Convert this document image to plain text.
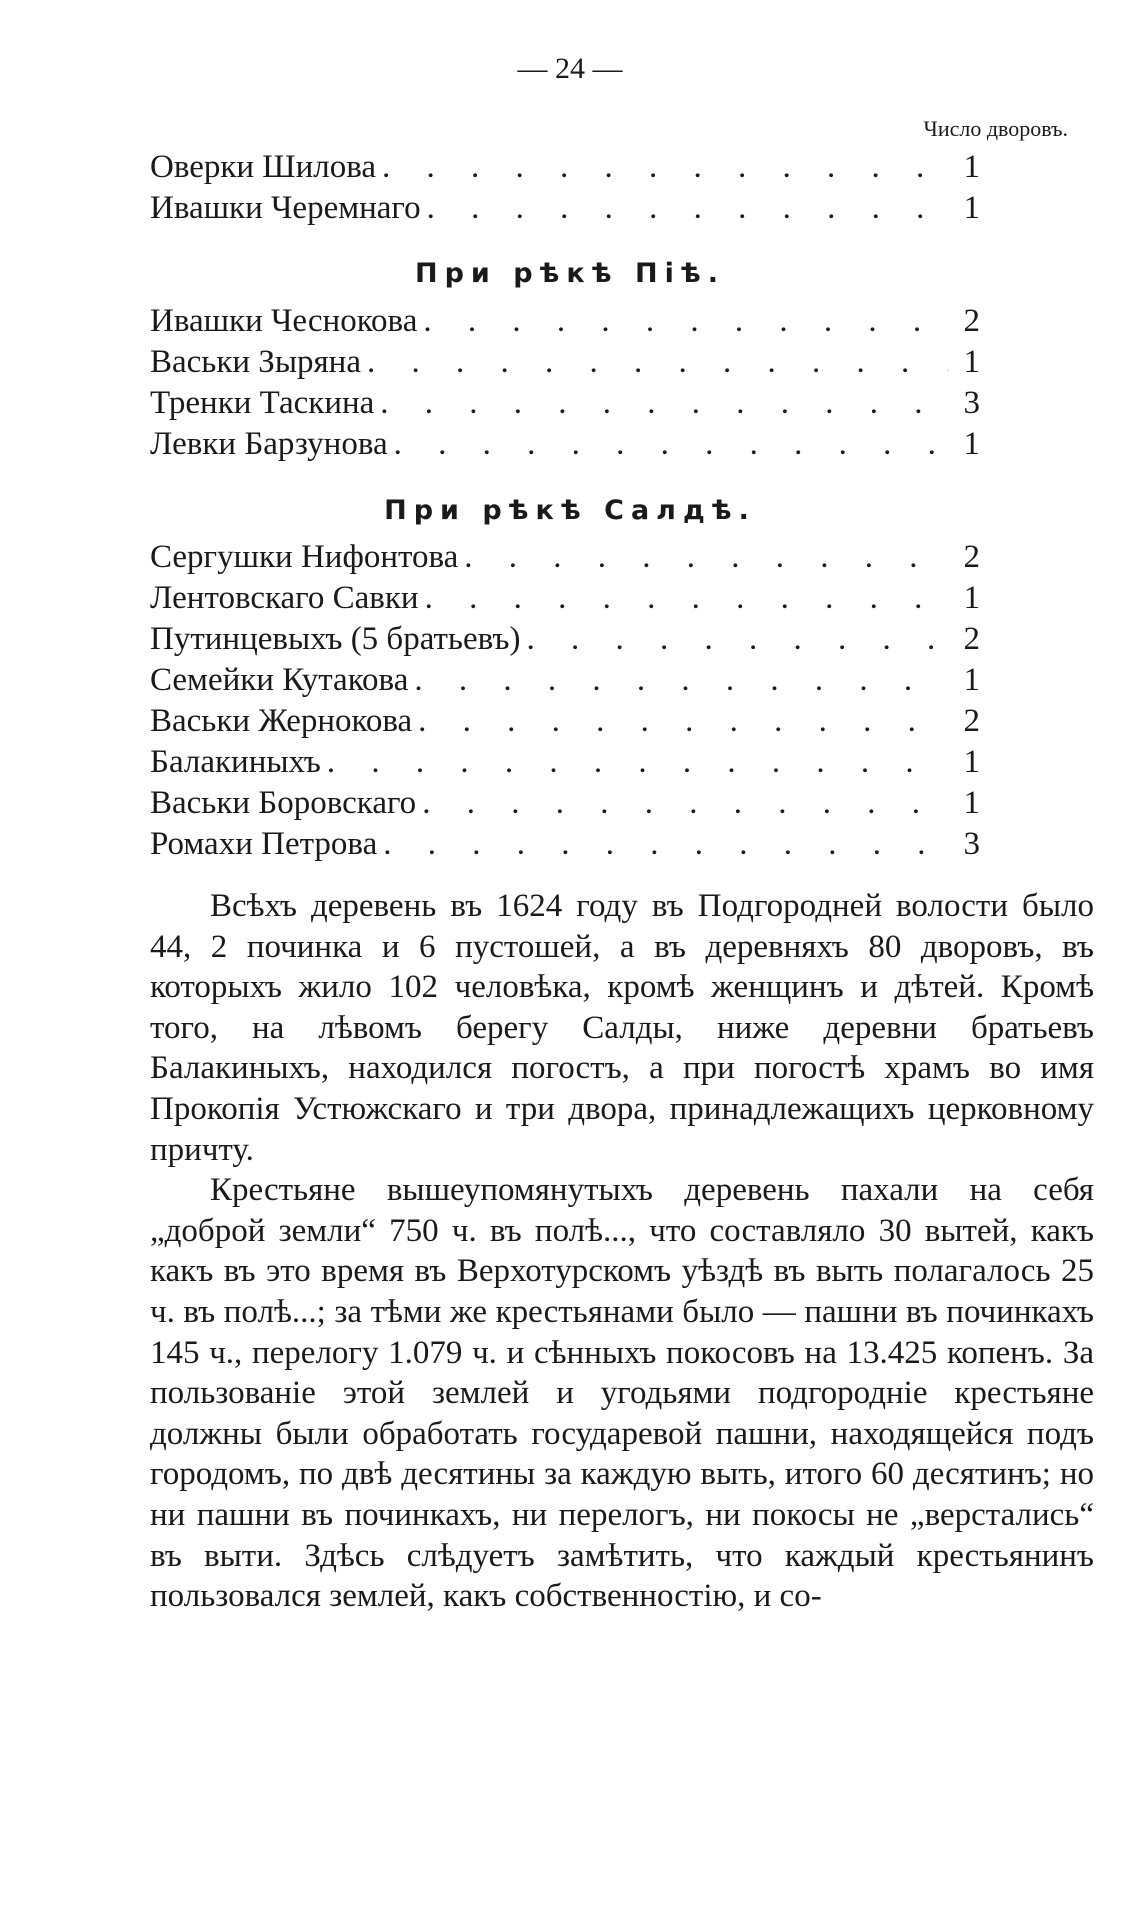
— 24 —
Число дворовъ.
Оверки Шилова . . .	1
Ивашки Черемнаго . . .	1
При рѣкѣ Піѣ.
Ивашки Чеснокова . . .	2
Васьки Зыряна . . .	1
Тренки Таскина . . .	3
Левки Барзунова . . .	1
При рѣкѣ Салдѣ.
Сергушки Нифонтова . . .	2
Лентовскаго Савки . . .	1
Путинцевыхъ (5 братьевъ) . . .	2
Семейки Кутакова . . .	1
Васьки Жернокова . . .	2
Балакиныхъ . . .	1
Васьки Боровскаго . . .	1
Ромахи Петрова . . .	3

Всѣхъ деревень въ 1624 году въ Подгородней волости было 44, 2 починка и 6 пустошей, а въ деревняхъ 80 дворовъ, въ которыхъ жило 102 человѣка, кромѣ женщинъ и дѣтей. Кромѣ того, на лѣвомъ берегу Салды, ниже деревни братьевъ Балакиныхъ, находился погостъ, а при погостѣ храмъ во имя Прокопія Устюжскаго и три двора, принадлежащихъ церковному причту.

Крестьяне вышеупомянутыхъ деревень пахали на себя „доброй земли“ 750 ч. въ полѣ..., что составляло 30 вытей, какъ какъ въ это время въ Верхотурскомъ уѣздѣ въ выть полагалось 25 ч. въ полѣ...; за тѣми же крестьянами было — пашни въ починкахъ 145 ч., перелогу 1.079 ч. и сѣнныхъ покосовъ на 13.425 копенъ. За пользованіе этой землей и угодьями подгородніе крестьяне должны были обработать государевой пашни, находящейся подъ городомъ, по двѣ десятины за каждую выть, итого 60 десятинъ; но ни пашни въ починкахъ, ни перелогъ, ни покосы не „верстались“ въ выти. Здѣсь слѣдуетъ замѣтить, что каждый крестьянинъ пользовался землей, какъ собственностію, и со-
